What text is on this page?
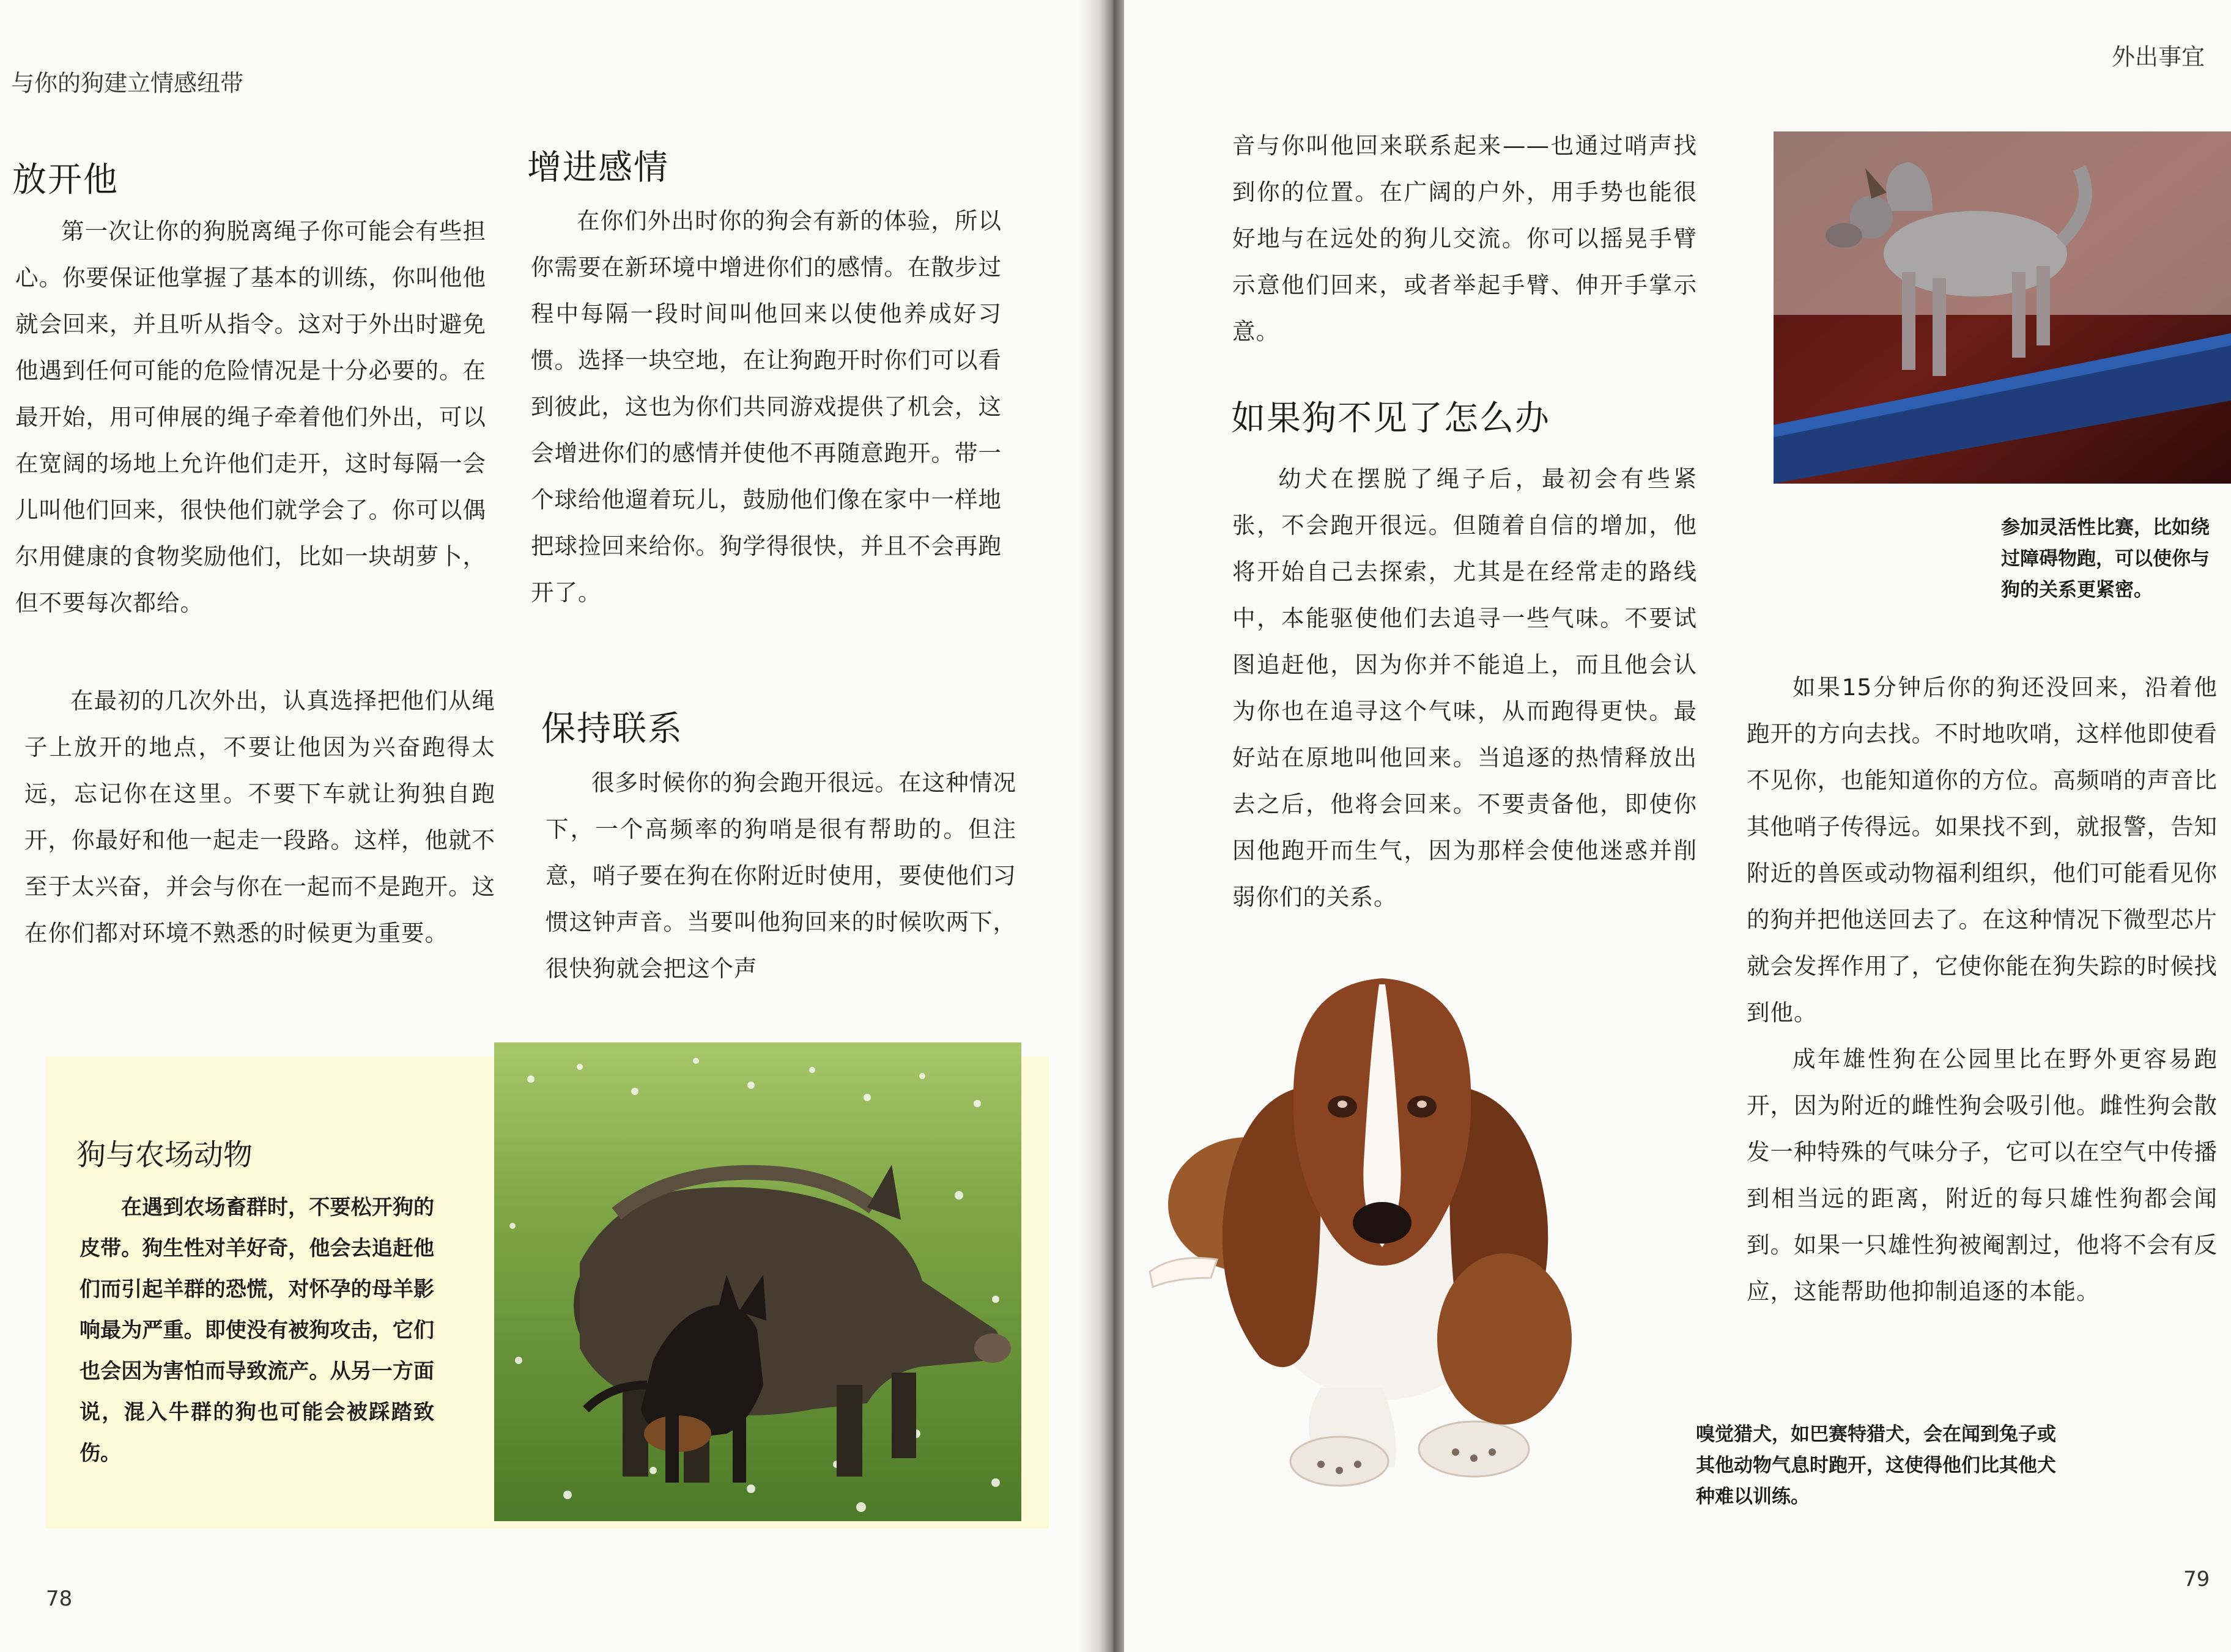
与你的狗建立情感纽带
放开他

第一次让你的狗脱离绳子你可能会有些担心。你要保证他掌握了基本的训练，你叫他他就会回来，并且听从指令。这对于外出时避免他遇到任何可能的危险情况是十分必要的。在最开始，用可伸展的绳子牵着他们外出，可以在宽阔的场地上允许他们走开，这时每隔一会儿叫他们回来，很快他们就学会了。你可以偶尔用健康的食物奖励他们，比如一块胡萝卜，但不要每次都给。

在最初的几次外出，认真选择把他们从绳子上放开的地点，不要让他因为兴奋跑得太远，忘记你在这里。不要下车就让狗独自跑开，你最好和他一起走一段路。这样，他就不至于太兴奋，并会与你在一起而不是跑开。这在你们都对环境不熟悉的时候更为重要。

增进感情

在你们外出时你的狗会有新的体验，所以你需要在新环境中增进你们的感情。在散步过程中每隔一段时间叫他回来以使他养成好习惯。选择一块空地，在让狗跑开时你们可以看到彼此，这也为你们共同游戏提供了机会，这会增进你们的感情并使他不再随意跑开。带一个球给他遛着玩儿，鼓励他们像在家中一样地把球捡回来给你。狗学得很快，并且不会再跑开了。

保持联系

很多时候你的狗会跑开很远。在这种情况下，一个高频率的狗哨是很有帮助的。但注意，哨子要在狗在你附近时使用，要使他们习惯这钟声音。当要叫他狗回来的时候吹两下，很快狗就会把这个声

狗与农场动物

在遇到农场畜群时，不要松开狗的皮带。狗生性对羊好奇，他会去追赶他们而引起羊群的恐慌，对怀孕的母羊影响最为严重。即使没有被狗攻击，它们也会因为害怕而导致流产。从另一方面说，混入牛群的狗也可能会被踩踏致伤。

78
外出事宜

音与你叫他回来联系起来——也通过哨声找到你的位置。在广阔的户外，用手势也能很好地与在远处的狗儿交流。你可以摇晃手臂示意他们回来，或者举起手臂、伸开手掌示意。

如果狗不见了怎么办

幼犬在摆脱了绳子后，最初会有些紧张，不会跑开很远。但随着自信的增加，他将开始自己去探索，尤其是在经常走的路线中，本能驱使他们去追寻一些气味。不要试图追赶他，因为你并不能追上，而且他会认为你也在追寻这个气味，从而跑得更快。最好站在原地叫他回来。当追逐的热情释放出去之后，他将会回来。不要责备他，即使你因他跑开而生气，因为那样会使他迷惑并削弱你们的关系。

参加灵活性比赛，比如绕过障碍物跑，可以使你与狗的关系更紧密。

如果15分钟后你的狗还没回来，沿着他跑开的方向去找。不时地吹哨，这样他即使看不见你，也能知道你的方位。高频哨的声音比其他哨子传得远。如果找不到，就报警，告知附近的兽医或动物福利组织，他们可能看见你的狗并把他送回去了。在这种情况下微型芯片就会发挥作用了，它使你能在狗失踪的时候找到他。

成年雄性狗在公园里比在野外更容易跑开，因为附近的雌性狗会吸引他。雌性狗会散发一种特殊的气味分子，它可以在空气中传播到相当远的距离，附近的每只雄性狗都会闻到。如果一只雄性狗被阉割过，他将不会有反应，这能帮助他抑制追逐的本能。

嗅觉猎犬，如巴赛特猎犬，会在闻到兔子或其他动物气息时跑开，这使得他们比其他犬种难以训练。

79
